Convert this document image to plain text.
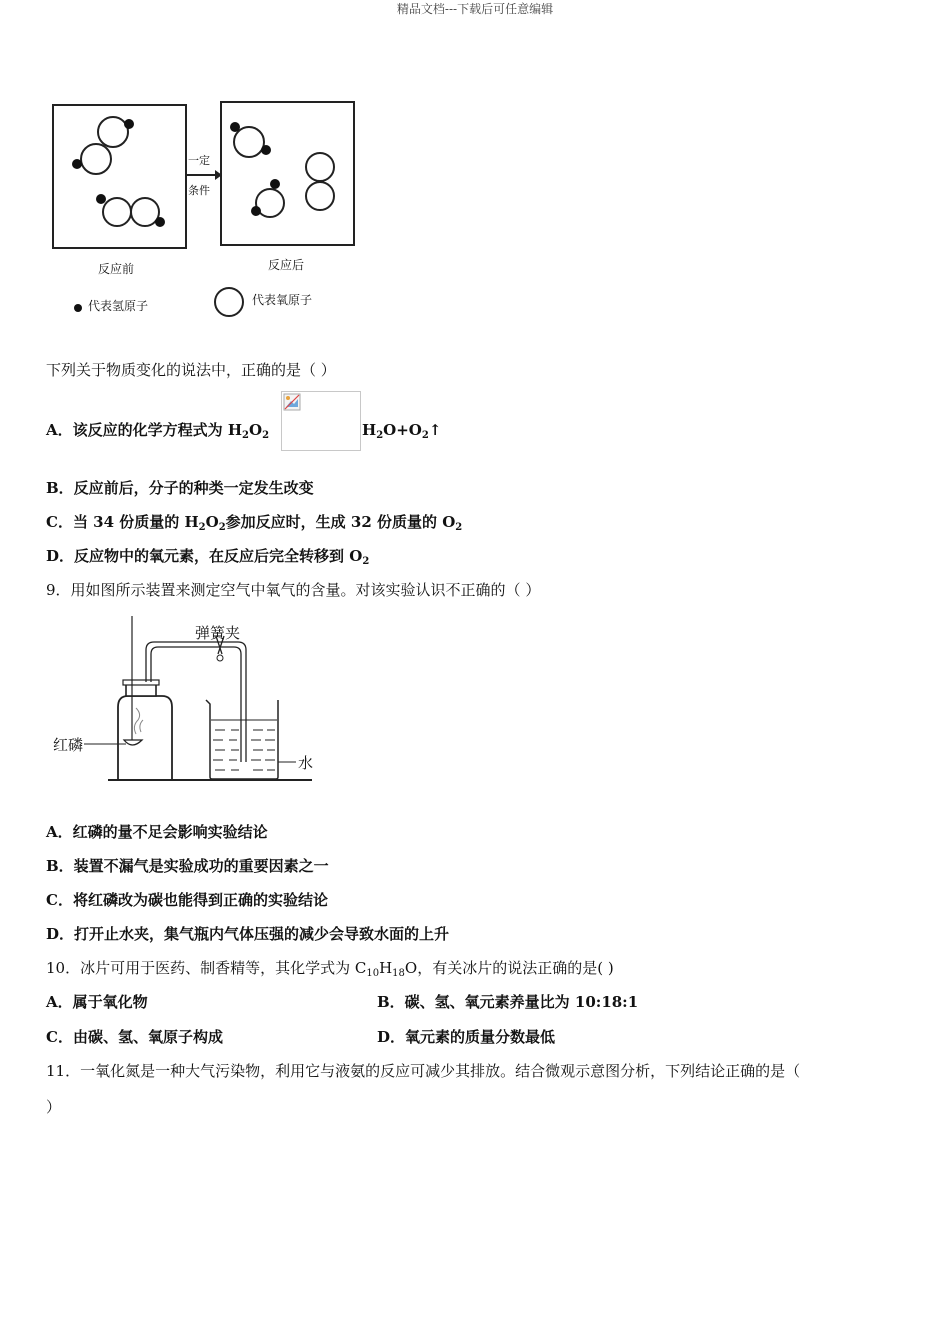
精品文档---下载后可任意编辑
一定
条件
反应前	反应后
代表氢原子	代表氧原子
下列关于物质变化的说法中，正确的是（ ）
A．该反应的化学方程式为 $H_2O_2$	$H_2O+O_2↑$
B．反应前后，分子的种类一定发生改变
C．当 34 份质量的 $H_2O_2$参加反应时，生成 32 份质量的 $O_2$
D．反应物中的氧元素，在反应后完全转移到 $O_2$
9．用如图所示装置来测定空气中氧气的含量。对该实验认识不正确的（ ）
弹簧夹
红磷
水
A．红磷的量不足会影响实验结论
B．装置不漏气是实验成功的重要因素之一
C．将红磷改为碳也能得到正确的实验结论
D．打开止水夹，集气瓶内气体压强的减少会导致水面的上升
10．冰片可用于医药、制香精等，其化学式为 $C_{10}H_{18}O$，有关冰片的说法正确的是( )
A．属于氧化物	B．碳、氢、氧元素养量比为 10:18:1
C．由碳、氢、氧原子构成	D．氧元素的质量分数最低
11．一氧化氮是一种大气污染物，利用它与液氨的反应可减少其排放。结合微观示意图分析，下列结论正确的是（
）
